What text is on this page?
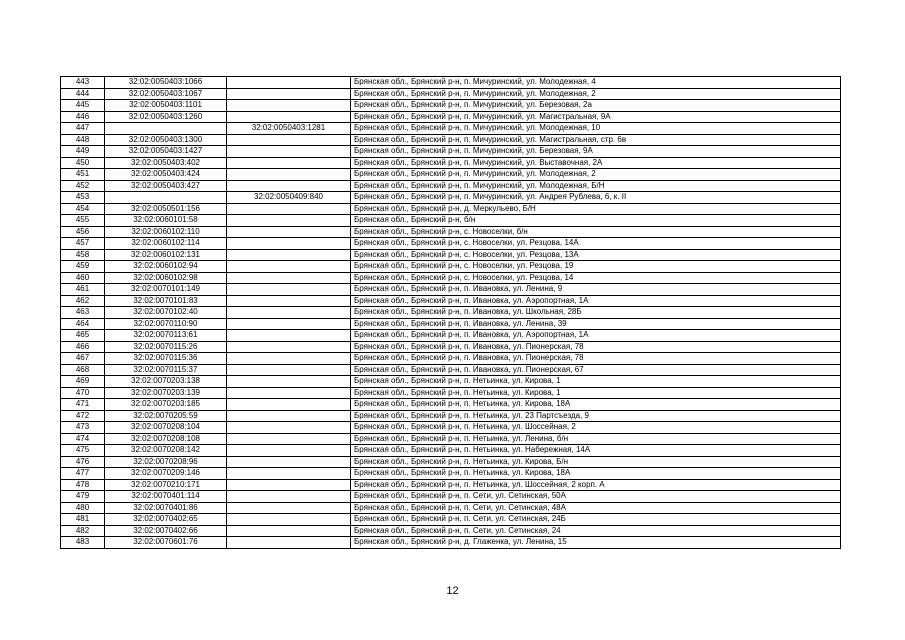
443	32:02:0050403:1066		Брянская обл., Брянский р-н, п. Мичуринский, ул. Молодежная, 4
444	32:02:0050403:1067		Брянская обл., Брянский р-н, п. Мичуринский, ул. Молодежная, 2
445	32:02:0050403:1101		Брянская обл., Брянский р-н, п. Мичуринский, ул. Березовая, 2а
446	32:02:0050403:1260		Брянская обл., Брянский р-н, п. Мичуринский, ул. Магистральная, 9А
447		32:02:0050403:1281	Брянская обл., Брянский р-н, п. Мичуринский, ул. Молодежная, 10
448	32:02:0050403:1300		Брянская обл., Брянский р-н, п. Мичуринский, ул. Магистральная, стр. 6в
449	32:02:0050403:1427		Брянская обл., Брянский р-н, п. Мичуринский, ул. Березовая, 9А
450	32:02:0050403:402		Брянская обл., Брянский р-н, п. Мичуринский, ул. Выставочная, 2А
451	32:02:0050403:424		Брянская обл., Брянский р-н, п. Мичуринский, ул. Молодежная, 2
452	32:02:0050403:427		Брянская обл., Брянский р-н, п. Мичуринский, ул. Молодежная, Б/Н
453		32:02:0050409:840	Брянская обл., Брянский р-н, п. Мичуринский, ул. Андрея Рублева, 6, к. II
454	32:02:0050501:156		Брянская обл., Брянский р-н, д. Меркульево, Б/Н
455	32:02:0060101:58		Брянская обл., Брянский р-н, б/н
456	32:02:0060102:110		Брянская обл., Брянский р-н, с. Новоселки, б/н
457	32:02:0060102:114		Брянская обл., Брянский р-н, с. Новоселки, ул. Резцова, 14А
458	32:02:0060102:131		Брянская обл., Брянский р-н, с. Новоселки, ул. Резцова, 13А
459	32:02:0060102:94		Брянская обл., Брянский р-н, с. Новоселки, ул. Резцова, 19
460	32:02:0060102:98		Брянская обл., Брянский р-н, с. Новоселки, ул. Резцова, 14
461	32:02:0070101:149		Брянская обл., Брянский р-н, п. Ивановка, ул. Ленина, 9
462	32:02:0070101:83		Брянская обл., Брянский р-н, п. Ивановка, ул. Аэропортная, 1А
463	32:02:0070102:40		Брянская обл., Брянский р-н, п. Ивановка, ул. Школьная, 28Б
464	32:02:0070110:90		Брянская обл., Брянский р-н, п. Ивановка, ул. Ленина, 39
465	32:02:0070113:61		Брянская обл., Брянский р-н, п. Ивановка, ул. Аэропортная, 1А
466	32:02:0070115:26		Брянская обл., Брянский р-н, п. Ивановка, ул. Пионерская, 78
467	32:02:0070115:36		Брянская обл., Брянский р-н, п. Ивановка, ул. Пионерская, 78
468	32:02:0070115:37		Брянская обл., Брянский р-н, п. Ивановка, ул. Пионерская, 67
469	32:02:0070203:138		Брянская обл., Брянский р-н, п. Нетьинка, ул. Кирова, 1
470	32:02:0070203:139		Брянская обл., Брянский р-н, п. Нетьинка, ул. Кирова, 1
471	32:02:0070203:185		Брянская обл., Брянский р-н, п. Нетьинка, ул. Кирова, 18А
472	32:02:0070205:59		Брянская обл., Брянский р-н, п. Нетьинка, ул. 23 Партсъезда, 9
473	32:02:0070208:104		Брянская обл., Брянский р-н, п. Нетьинка, ул. Шоссейная, 2
474	32:02:0070208:108		Брянская обл., Брянский р-н, п. Нетьинка, ул. Ленина, б/н
475	32:02:0070208:142		Брянская обл., Брянский р-н, п. Нетьинка, ул. Набережная, 14А
476	32:02:0070208:96		Брянская обл., Брянский р-н, п. Нетьинка, ул. Кирова, Б/н
477	32:02:0070209:146		Брянская обл., Брянский р-н, п. Нетьинка, ул. Кирова, 18А
478	32:02:0070210:171		Брянская обл., Брянский р-н, п. Нетьинка, ул. Шоссейная, 2 корп. А
479	32:02:0070401:114		Брянская обл., Брянский р-н, п. Сети, ул. Сетинская, 50А
480	32:02:0070401:86		Брянская обл., Брянский р-н, п. Сети, ул. Сетинская, 48А
481	32:02:0070402:65		Брянская обл., Брянский р-н, п. Сети, ул. Сетинская, 24Б
482	32:02:0070402:66		Брянская обл., Брянский р-н, п. Сети, ул. Сетинская, 24
483	32:02:0070601:76		Брянская обл., Брянский р-н, д. Глаженка, ул. Ленина, 15
12
